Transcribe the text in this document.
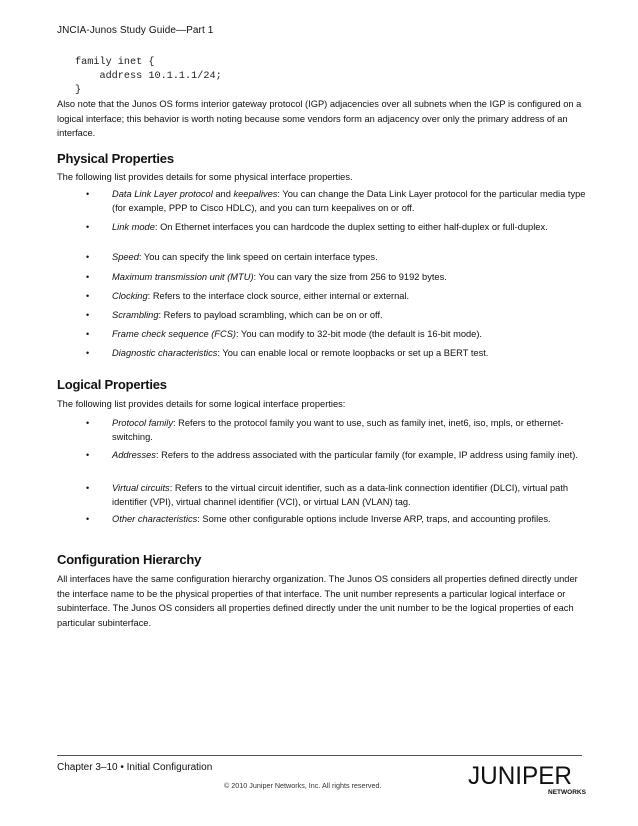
JNCIA-Junos Study Guide—Part 1
family inet {
address 10.1.1.1/24;
}
Also note that the Junos OS forms interior gateway protocol (IGP) adjacencies over all subnets when the IGP is configured on a logical interface; this behavior is worth noting because some vendors form an adjacency over only the primary address of an interface.
Physical Properties
The following list provides details for some physical interface properties.
• Data Link Layer protocol and keepalives: You can change the Data Link Layer protocol for the particular media type (for example, PPP to Cisco HDLC), and you can turn keepalives on or off.
• Link mode: On Ethernet interfaces you can hardcode the duplex setting to either half-duplex or full-duplex.
• Speed: You can specify the link speed on certain interface types.
• Maximum transmission unit (MTU): You can vary the size from 256 to 9192 bytes.
• Clocking: Refers to the interface clock source, either internal or external.
• Scrambling: Refers to payload scrambling, which can be on or off.
• Frame check sequence (FCS): You can modify to 32-bit mode (the default is 16-bit mode).
• Diagnostic characteristics: You can enable local or remote loopbacks or set up a BERT test.
Logical Properties
The following list provides details for some logical interface properties:
• Protocol family: Refers to the protocol family you want to use, such as family inet, inet6, iso, mpls, or ethernet-switching.
• Addresses: Refers to the address associated with the particular family (for example, IP address using family inet).
• Virtual circuits: Refers to the virtual circuit identifier, such as a data-link connection identifier (DLCI), virtual path identifier (VPI), virtual channel identifier (VCI), or virtual LAN (VLAN) tag.
• Other characteristics: Some other configurable options include Inverse ARP, traps, and accounting profiles.
Configuration Hierarchy
All interfaces have the same configuration hierarchy organization. The Junos OS considers all properties defined directly under the interface name to be the physical properties of that interface. The unit number represents a particular logical interface or subinterface. The Junos OS considers all properties defined directly under the unit number to be the logical properties of each particular subinterface.
Chapter 3–10 • Initial Configuration
© 2010 Juniper Networks, Inc. All rights reserved.	JUNIPER
NETWORKS
